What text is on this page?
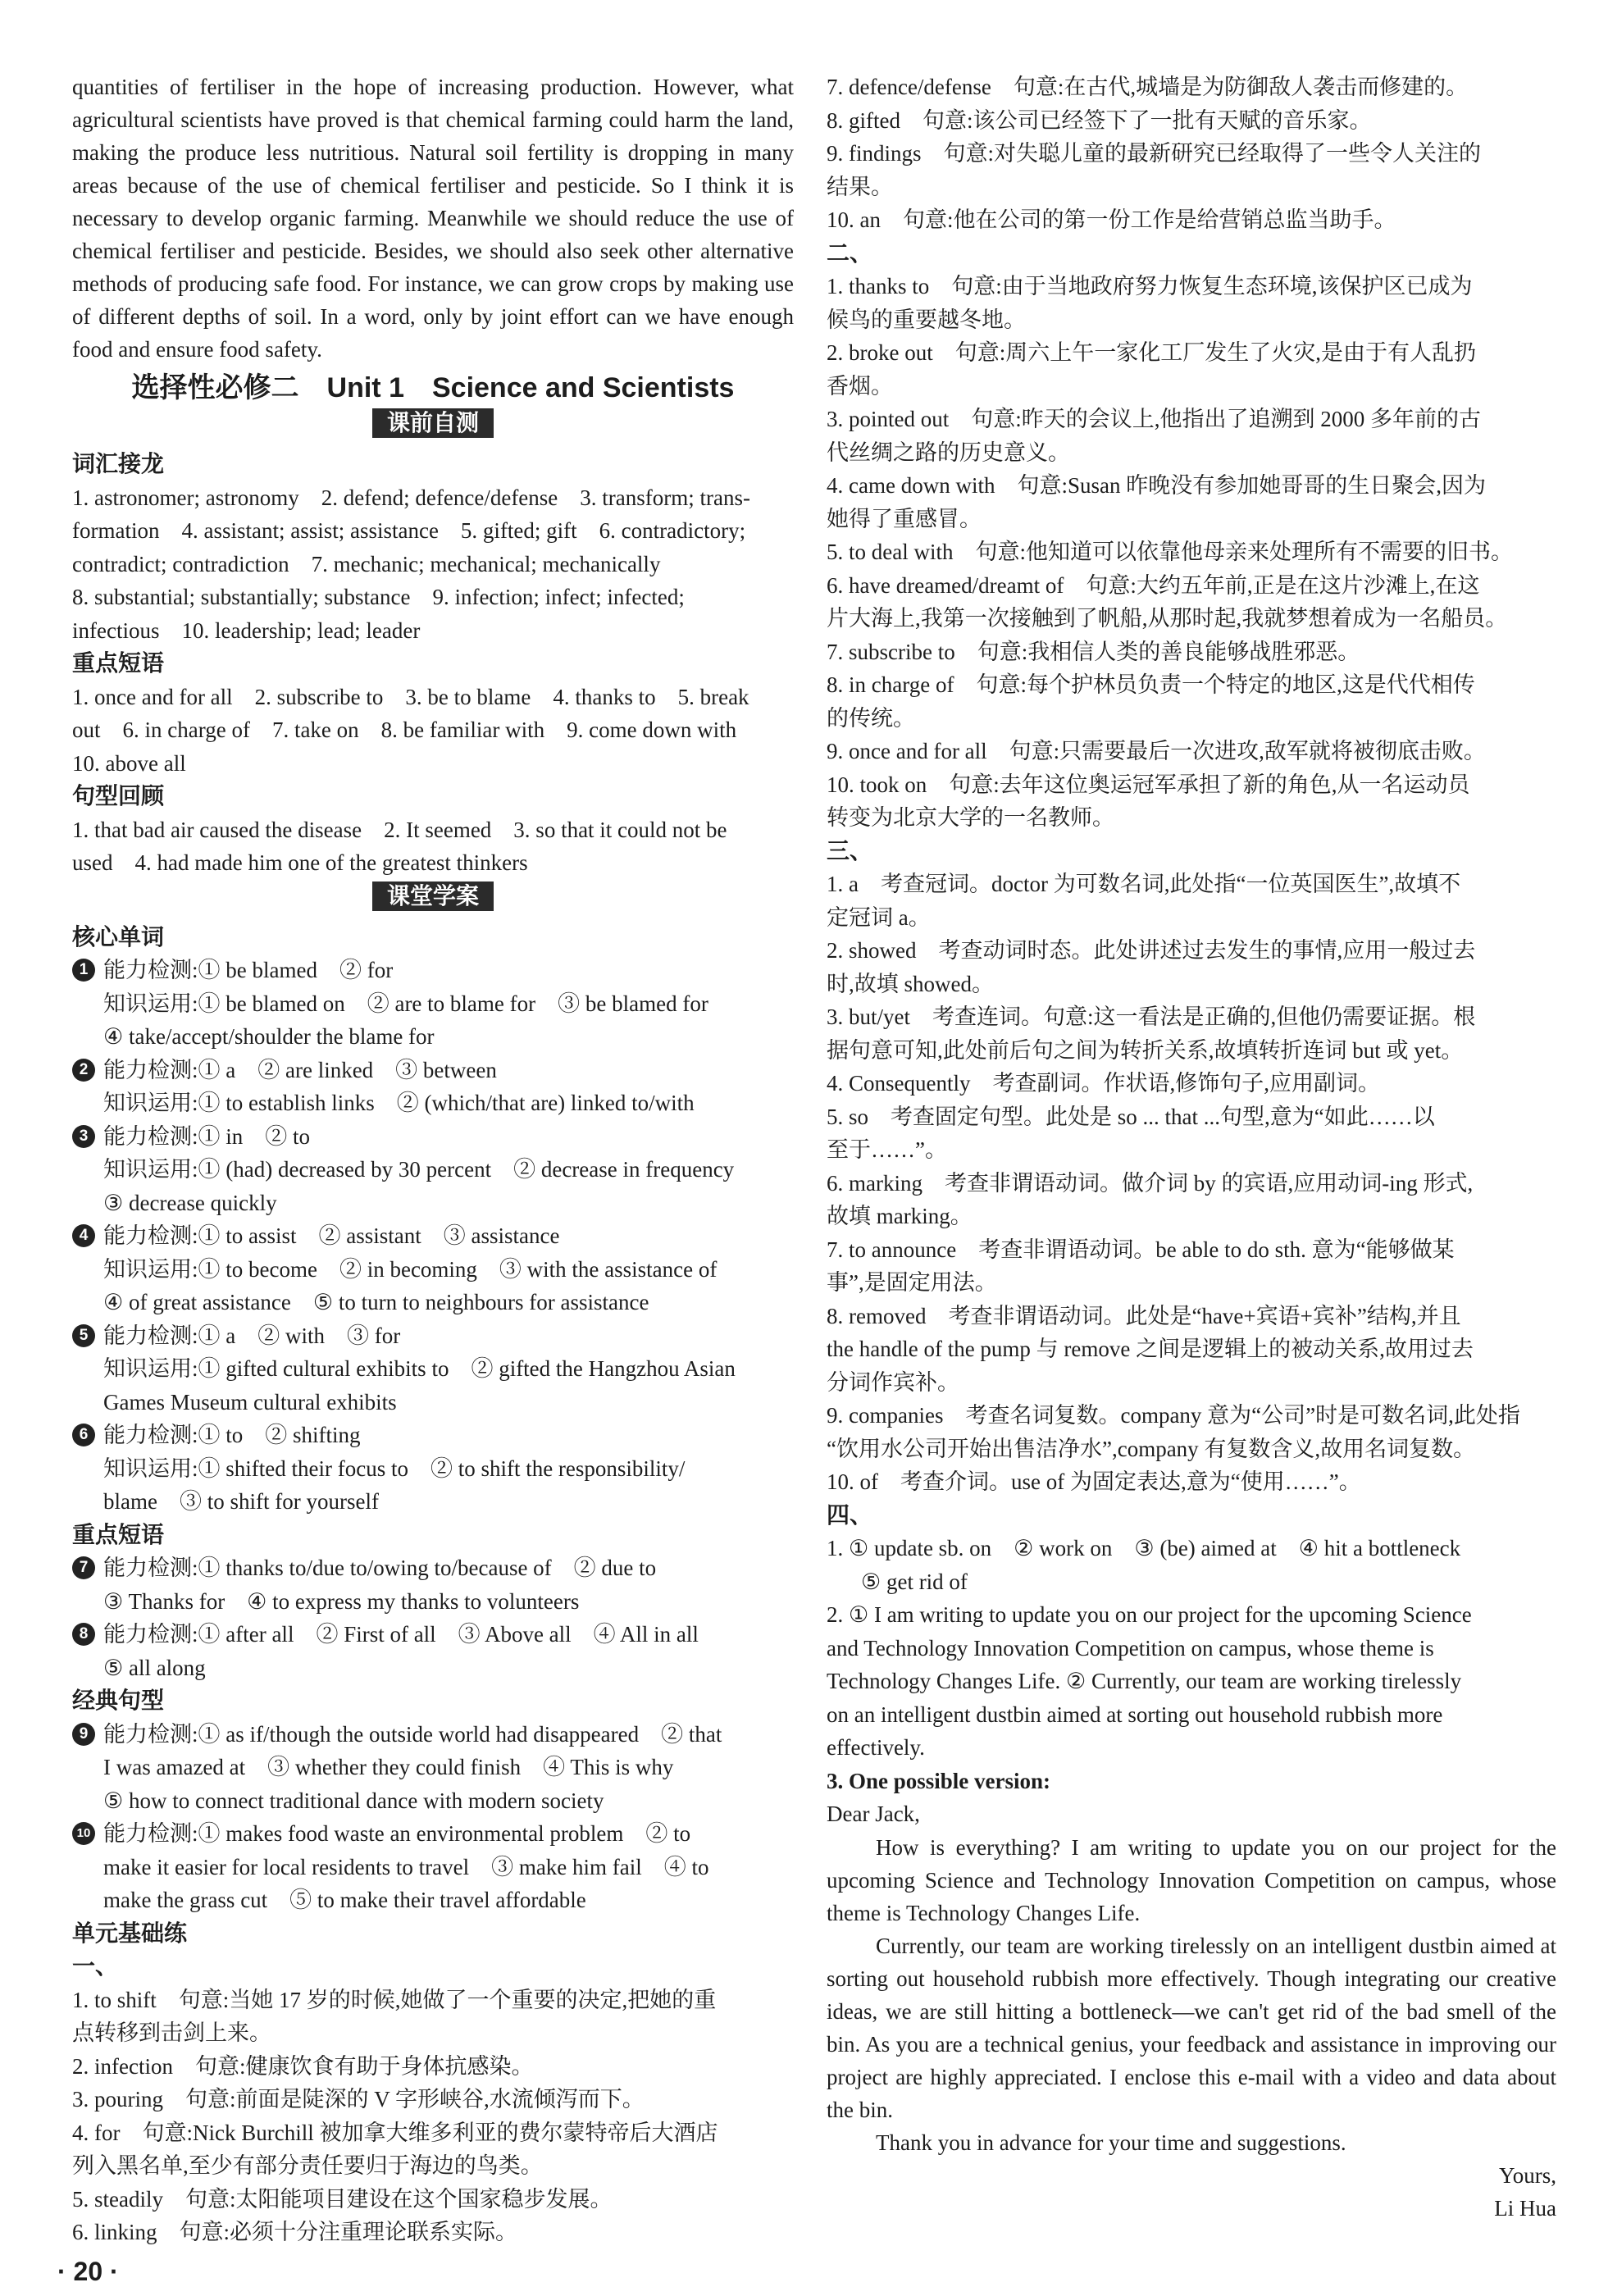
quantities of fertiliser in the hope of increasing production. However, what agricultural scientists have proved is that chemical farming could harm the land, making the produce less nutritious. Natural soil fertility is dropping in many areas because of the use of chemical fertiliser and pesticide. So I think it is necessary to develop organic farming. Meanwhile we should reduce the use of chemical fertiliser and pesticide. Besides, we should also seek other alternative methods of producing safe food. For instance, we can grow crops by making use of different depths of soil. In a word, only by joint effort can we have enough food and ensure food safety.

选择性必修二　Unit 1　Science and Scientists
课前自测
词汇接龙
1. astronomer; astronomy　2. defend; defence/defense　3. transform; trans-
formation　4. assistant; assist; assistance　5. gifted; gift　6. contradictory;
contradict; contradiction　7. mechanic; mechanical; mechanically
8. substantial; substantially; substance　9. infection; infect; infected;
infectious　10. leadership; lead; leader
重点短语
1. once and for all　2. subscribe to　3. be to blame　4. thanks to　5. break
out　6. in charge of　7. take on　8. be familiar with　9. come down with
10. above all
句型回顾
1. that bad air caused the disease　2. It seemed　3. so that it could not be
used　4. had made him one of the greatest thinkers
课堂学案
核心单词
1 能力检测:① be blamed　② for
知识运用:① be blamed on　② are to blame for　③ be blamed for
④ take/accept/shoulder the blame for
2 能力检测:① a　② are linked　③ between
知识运用:① to establish links　② (which/that are) linked to/with
3 能力检测:① in　② to
知识运用:① (had) decreased by 30 percent　② decrease in frequency
③ decrease quickly
4 能力检测:① to assist　② assistant　③ assistance
知识运用:① to become　② in becoming　③ with the assistance of
④ of great assistance　⑤ to turn to neighbours for assistance
5 能力检测:① a　② with　③ for
知识运用:① gifted cultural exhibits to　② gifted the Hangzhou Asian
Games Museum cultural exhibits
6 能力检测:① to　② shifting
知识运用:① shifted their focus to　② to shift the responsibility/
blame　③ to shift for yourself
重点短语
7 能力检测:① thanks to/due to/owing to/because of　② due to
③ Thanks for　④ to express my thanks to volunteers
8 能力检测:① after all　② First of all　③ Above all　④ All in all
⑤ all along
经典句型
9 能力检测:① as if/though the outside world had disappeared　② that
I was amazed at　③ whether they could finish　④ This is why
⑤ how to connect traditional dance with modern society
10 能力检测:① makes food waste an environmental problem　② to
make it easier for local residents to travel　③ make him fail　④ to
make the grass cut　⑤ to make their travel affordable
单元基础练
一、
1. to shift　句意:当她 17 岁的时候,她做了一个重要的决定,把她的重
点转移到击剑上来。
2. infection　句意:健康饮食有助于身体抗感染。
3. pouring　句意:前面是陡深的 V 字形峡谷,水流倾泻而下。
4. for　句意:Nick Burchill 被加拿大维多利亚的费尔蒙特帝后大酒店
列入黑名单,至少有部分责任要归于海边的鸟类。
5. steadily　句意:太阳能项目建设在这个国家稳步发展。
6. linking　句意:必须十分注重理论联系实际。
7. defence/defense　句意:在古代,城墙是为防御敌人袭击而修建的。
8. gifted　句意:该公司已经签下了一批有天赋的音乐家。
9. findings　句意:对失聪儿童的最新研究已经取得了一些令人关注的
结果。
10. an　句意:他在公司的第一份工作是给营销总监当助手。
二、
1. thanks to　句意:由于当地政府努力恢复生态环境,该保护区已成为
候鸟的重要越冬地。
2. broke out　句意:周六上午一家化工厂发生了火灾,是由于有人乱扔
香烟。
3. pointed out　句意:昨天的会议上,他指出了追溯到 2000 多年前的古
代丝绸之路的历史意义。
4. came down with　句意:Susan 昨晚没有参加她哥哥的生日聚会,因为
她得了重感冒。
5. to deal with　句意:他知道可以依靠他母亲来处理所有不需要的旧书。
6. have dreamed/dreamt of　句意:大约五年前,正是在这片沙滩上,在这
片大海上,我第一次接触到了帆船,从那时起,我就梦想着成为一名船员。
7. subscribe to　句意:我相信人类的善良能够战胜邪恶。
8. in charge of　句意:每个护林员负责一个特定的地区,这是代代相传
的传统。
9. once and for all　句意:只需要最后一次进攻,敌军就将被彻底击败。
10. took on　句意:去年这位奥运冠军承担了新的角色,从一名运动员
转变为北京大学的一名教师。
三、
1. a　考查冠词。doctor 为可数名词,此处指“一位英国医生”,故填不
定冠词 a。
2. showed　考查动词时态。此处讲述过去发生的事情,应用一般过去
时,故填 showed。
3. but/yet　考查连词。句意:这一看法是正确的,但他仍需要证据。根
据句意可知,此处前后句之间为转折关系,故填转折连词 but 或 yet。
4. Consequently　考查副词。作状语,修饰句子,应用副词。
5. so　考查固定句型。此处是 so ... that ...句型,意为“如此……以
至于……”。
6. marking　考查非谓语动词。做介词 by 的宾语,应用动词-ing 形式,
故填 marking。
7. to announce　考查非谓语动词。be able to do sth. 意为“能够做某
事”,是固定用法。
8. removed　考查非谓语动词。此处是“have+宾语+宾补”结构,并且
the handle of the pump 与 remove 之间是逻辑上的被动关系,故用过去
分词作宾补。
9. companies　考查名词复数。company 意为“公司”时是可数名词,此处指
“饮用水公司开始出售洁净水”,company 有复数含义,故用名词复数。
10. of　考查介词。use of 为固定表达,意为“使用……”。
四、
1. ① update sb. on　② work on　③ (be) aimed at　④ hit a bottleneck
⑤ get rid of
2. ① I am writing to update you on our project for the upcoming Science
and Technology Innovation Competition on campus, whose theme is
Technology Changes Life. ② Currently, our team are working tirelessly
on an intelligent dustbin aimed at sorting out household rubbish more
effectively.
3. One possible version:
Dear Jack,

How is everything? I am writing to update you on our project for the upcoming Science and Technology Innovation Competition on campus, whose theme is Technology Changes Life.

Currently, our team are working tirelessly on an intelligent dustbin aimed at sorting out household rubbish more effectively. Though integrating our creative ideas, we are still hitting a bottleneck—we can't get rid of the bad smell of the bin. As you are a technical genius, your feedback and assistance in improving our project are highly appreciated. I enclose this e-mail with a video and data about the bin.

Thank you in advance for your time and suggestions.

Yours,
Li Hua
· 20 ·
